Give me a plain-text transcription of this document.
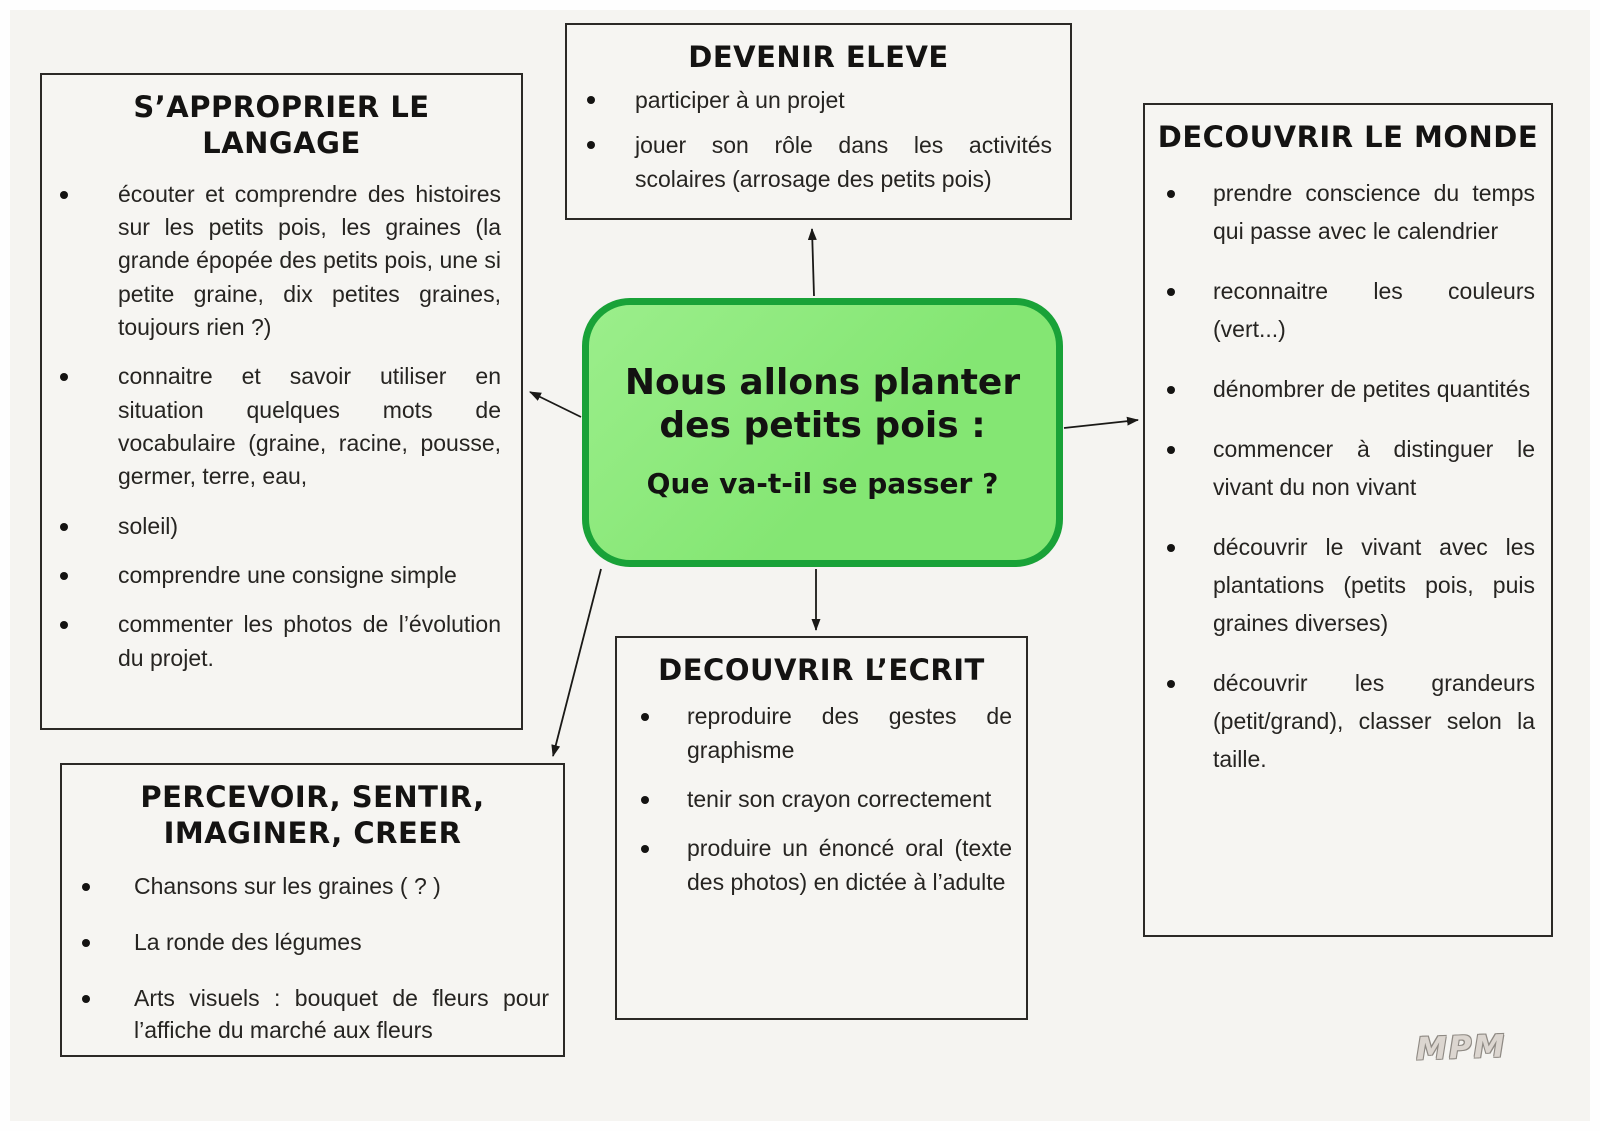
S’APPROPRIER LE LANGAGE

écouter et comprendre des histoires sur les petits pois, les graines (la grande épopée des petits pois, une si petite graine, dix petites graines, toujours rien ?)

connaitre et savoir utiliser en situation quelques mots de vocabulaire (graine, racine, pousse, germer, terre, eau,

soleil)

comprendre une consigne simple

commenter les photos de l’évolution du projet.

DEVENIR ELEVE

participer à un projet

jouer son rôle dans les activités scolaires (arrosage des petits pois)

DECOUVRIR LE MONDE

prendre conscience du temps qui passe avec le calendrier

reconnaitre les couleurs (vert...)

dénombrer de petites quantités

commencer à distinguer le vivant du non vivant

découvrir le vivant avec les plantations (petits pois, puis graines diverses)

découvrir les grandeurs (petit/grand), classer selon la taille.

DECOUVRIR L’ECRIT

reproduire des gestes de graphisme

tenir son crayon correctement

produire un énoncé oral (texte des photos) en dictée à l’adulte

PERCEVOIR, SENTIR, IMAGINER, CREER

Chansons sur les graines ( ? )

La ronde des légumes

Arts visuels : bouquet de fleurs pour l’affiche du marché aux fleurs

Nous allons planter des petits pois :
Que va-t-il se passer ?
MPM
